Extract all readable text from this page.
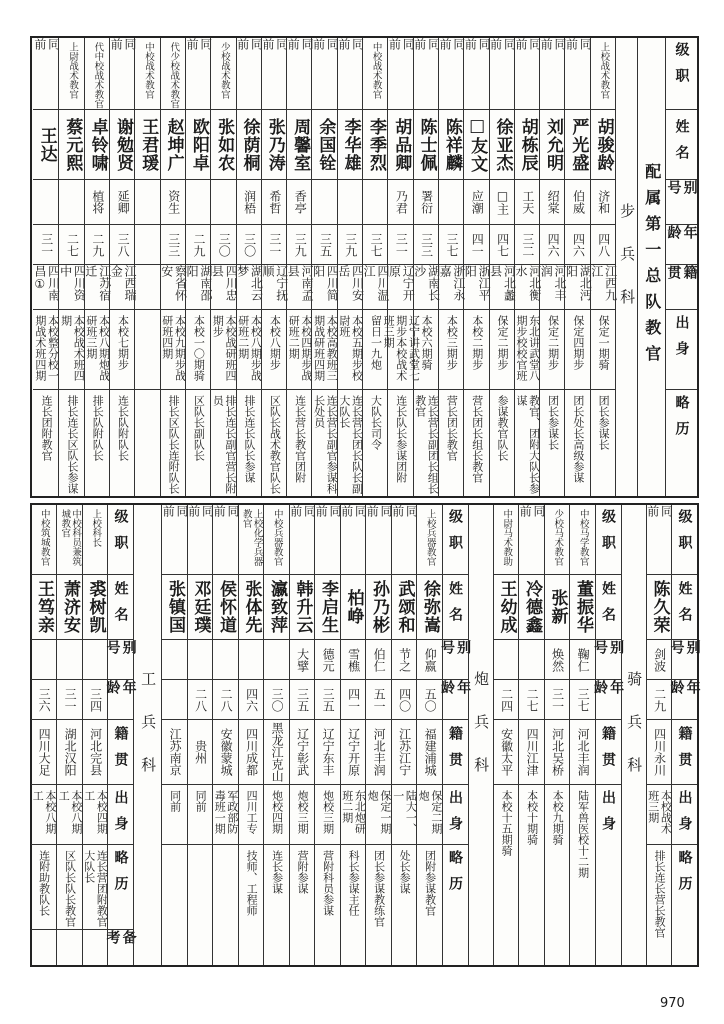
级职
姓名
别号
年龄
籍贯
出身
略历
配属第一总队教官
步兵科
上校战术教官
胡骏龄
济和
四八
江西九江
保定一期骑
团长参谋长
同前
严光盛
伯威
四六
湖北沔阳
保定四期步
团长处长高级参谋
同前
刘允明
绍棠
四六
河北丰润
保定二期步
团长参谋长
同前
胡栋辰
工天
三二
河北衡水
东北讲武堂八期步校校官班
教官、团附大队长参谋
同前
徐亚杰
□主
四七
河北蠡县
保定二期步
参谋教官队长
同前
□友文
应潮
四一
浙江平阳
本校二期步
营长团长组长教官
同前
陈祥麟
三七
浙江永嘉
本校三期步
营长团长教官
同前
陈士佩
署衍
三三
湖南长沙
本校六期骑
连长营长副团长组长教官
同前
胡品卿
乃君
三一
辽宁开原
辽宁讲武堂七期步本校战术班三期
连长队长参谋团附
中校战术教官
李季烈
三七
四川温江
留日一九炮
大队长司令
同前
李华雄
三九
四川安岳
本校五期步校尉班
连长营长团长队长副大队长
同前
余国铨
三五
四川简阳
本校高教班三期战研班四期
连长营长副官参谋科长处员
同前
周馨室
香亭
三九
河南孟县
本校四期步战研班二期
连长营长教官团附
同前
张乃涛
希哲
三一
辽宁抚顺
本校八期步
区队长战术教官队长
同前
徐荫桐
润梧
三〇
湖北云梦
本校八期步战研班二期
排长连长队长参谋
少校战术教官
张如农
三〇
四川忠县
本校战研班四期步
排长连长副官营长附员
同前
欧阳卓
二九
湖南邵阳
本校一〇期骑
区队长副队长
代少校战术教官
赵坤广
资生
三三
察省怀安
本校九期步战研班四期
排长区队长连附队长
中校战术教官
王君瑗
同前
谢勉贤
延卿
三八
江西瑞金
本校七期步
连长队附队长
代中校战术教官
卓铃啸
植将
二九
江苏宿迁
本校八期炮战研班三期
排长队附队长
上尉战术教官
蔡元熙
二七
四川资中
本校战术班四期
排长连长区队长参谋
同前
王达
三一
四川南昌①
本校整分校一期战术班四期
连长团附教官
级职
姓名
别号
年龄
籍贯
出身
略历
同前
陈久荣
剑波
二九
四川永川
本校战术班三期
排长连长营长教官
骑兵科
级职
姓名
别号
年龄
籍贯
出身
中校马学教官
董振华
鞠仁
三七
河北丰润
陆军兽医校十二期
少校马术教官
张新
焕然
三一
河北吴桥
本校九期骑
同前
冷德鑫
二七
四川江津
本校十期骑
中尉马术教助
王幼成
二四
安徽太平
本校十五期骑
炮兵科
级职
姓名
别号
年龄
籍贯
出身
略历
上校兵器教官
徐弥嵩
仰嬴
五〇
福建浦城
保定二期炮
团附参谋教官
同前
武颂和
节之
四〇
江苏江宁
陆大一、一
处长参谋
同前
孙乃彬
伯仁
五一
河北丰润
保定一期炮
团长参谋教练官
同前
柏峥
雪樵
四一
辽宁开原
东北炮研班二期
科长参谋主任
同前
李启生
德元
三五
辽宁东丰
炮校三期
营附科员参谋
同前
韩升云
大擘
三五
辽宁彰武
炮校三期
营附参谋
中校兵器教官
瀛致萍
三〇
黑龙江克山
炮校四期
连长参谋
上校化学兵器教官
张体先
四六
四川成都
四川工专
技师、工程师
同前
侯怀道
二八
安徽蒙城
军政部防毒班一期
同前
邓廷璞
二八
贵州
同前
同前
张镇国
江苏南京
同前
工兵科
级职
姓名
别号
年龄
籍贯
出身
略历
备考
上校科长
裘树凯
三四
河北完县
本校四期工
连长营团附教官大队长
中校科员兼筑城教官
萧济安
三一
湖北汉阳
本校八期工
区队长队长教官
中校筑城教官
王笃亲
三六
四川大足
本校八期工
连附助教队长
970
